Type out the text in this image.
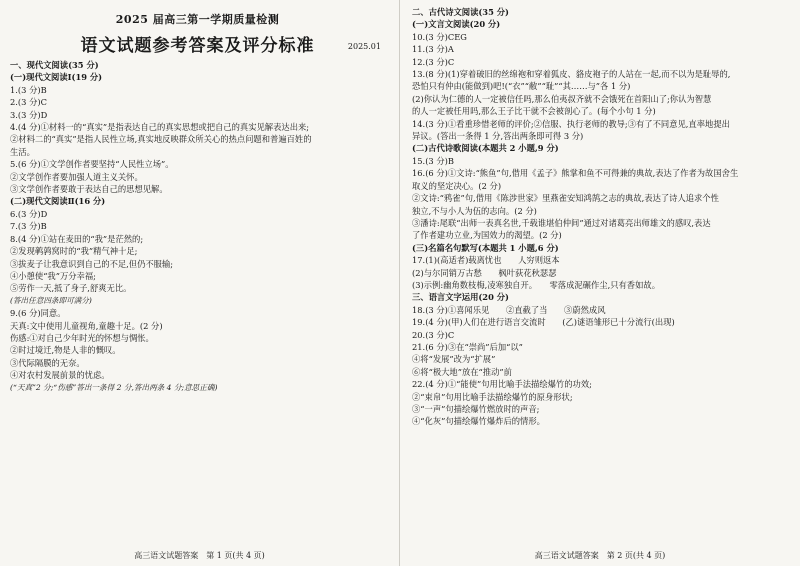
2025 届高三第一学期质量检测
语文试题参考答案及评分标准	2025.01
一、现代文阅读(35 分)
(一)现代文阅读Ⅰ(19 分)
1.(3 分)B
2.(3 分)C
3.(3 分)D
4.(4 分)①材料一的“真实”是指表达自己的真实思想或把自己的真实见解表达出来;
②材料二的“真实”是指人民性立场,真实地反映群众所关心的热点问题和普遍百姓的
生活。
5.(6 分)①文学创作者要坚持“人民性立场”。
②文学创作者要加强人道主义关怀。
③文学创作者要敢于表达自己的思想见解。
(二)现代文阅读Ⅱ(16 分)
6.(3 分)D
7.(3 分)B
8.(4 分)①站在麦田的“我”是茫然的;
②发现鹌鹑窝时的“我”精气神十足;
③拔麦子让我意识到自己的不足,但仍不服输;
④小憩使“我”万分幸福;
⑤劳作一天,抵了身子,舒爽无比。
(答出任意四条即可满分)
9.(6 分)同意。
天真:文中使用儿童视角,童趣十足。(2 分)
伤感:①对自己少年时光的怀想与惆怅。
②时过境迁,物是人非的慨叹。
③代际隔膜的无奈。
④对农村发展前景的忧虑。
(“天真”2 分;“伤感”答出一条得 2 分,答出两条 4 分;意思正确)
高三语文试题答案　第 1 页(共 4 页)
二、古代诗文阅读(35 分)
(一)文言文阅读(20 分)
10.(3 分)CEG
11.(3 分)A
12.(3 分)C
13.(8 分)(1)穿着破旧的丝绵袍和穿着狐皮、貉皮袍子的人站在一起,而不以为是耻辱的,
恐怕只有仲由(能做到)吧!(“衣”“敝”“耻”“其……与”各 1 分)
(2)你认为仁德的人一定被信任吗,那么伯夷叔齐就不会饿死在首阳山了;你认为智慧
的人一定被任用吗,那么王子比干就不会被剖心了。(每个小句 1 分)
14.(3 分)①看重珍惜老师的评价;②信服、执行老师的教导;③有了不同意见,直率地提出
异议。(答出一条得 1 分,答出两条即可得 3 分)
(二)古代诗歌阅读(本题共 2 小题,9 分)
15.(3 分)B
16.(6 分)①文诗:“熊鱼”句,借用《孟子》熊掌和鱼不可得兼的典故,表达了作者为故国舍生
取义的坚定决心。(2 分)
②文诗:“鸦雀”句,借用《陈涉世家》里燕雀安知鸿鹄之志的典故,表达了诗人追求个性
独立,不与小人为伍的志向。(2 分)
③潘诗:尾联“出师一表真名世,千载谁堪伯仲间”通过对诸葛亮出师雄文的感叹,表达
了作者建功立业,为国效力的渴望。(2 分)
(三)名篇名句默写(本题共 1 小题,6 分)
17.(1)(高适者)载离忧也　　人穷则返本
(2)与尔同销万古愁　　枫叶荻花秋瑟瑟
(3)示例:幽角数枝梅,凌寒独自开。　　零落成泥碾作尘,只有香如故。
三、语言文字运用(20 分)
18.(3 分)①喜闻乐见　　②直截了当　　③蔚然成风
19.(4 分)(甲)人们在进行语言交流时　　(乙)谜语雏形已十分流行(出现)
20.(3 分)C
21.(6 分)③在“崇尚”后加“以”
④将“发展”改为“扩展”
⑥将“极大地”放在“推动”前
22.(4 分)①“能使”句用比喻手法描绘爆竹的功效;
②“束帛”句用比喻手法描绘爆竹的原身形状;
③“一声”句描绘爆竹燃放时的声音;
④“化灰”句描绘爆竹爆炸后的情形。
高三语文试题答案　第 2 页(共 4 页)
